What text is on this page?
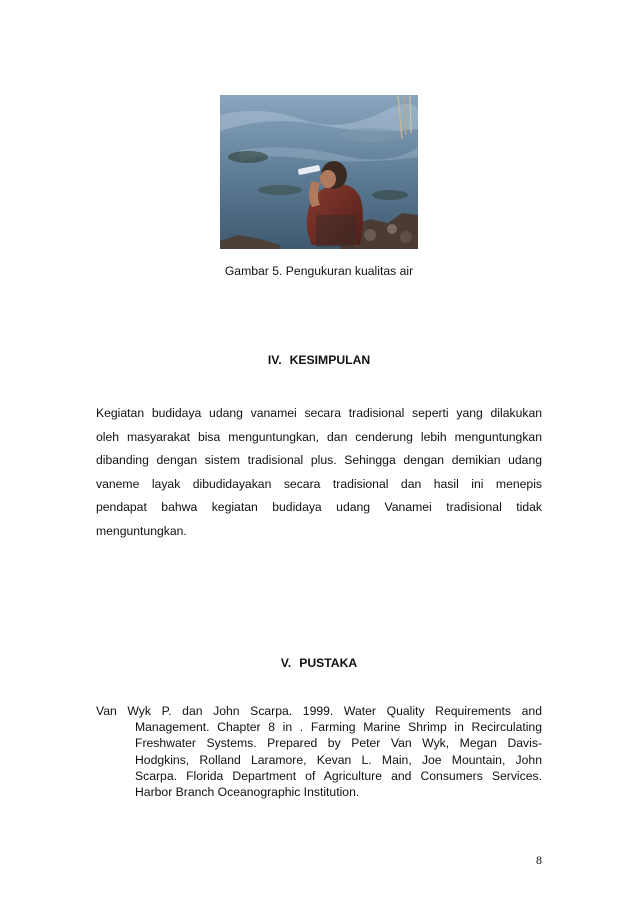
Gambar 5. Pengukuran kualitas air
IV. KESIMPULAN
Kegiatan budidaya udang vanamei secara tradisional seperti yang dilakukan
oleh masyarakat bisa menguntungkan, dan cenderung lebih menguntungkan
dibanding dengan sistem tradisional plus. Sehingga dengan demikian udang
vaneme layak dibudidayakan secara tradisional dan hasil ini menepis
pendapat bahwa kegiatan budidaya udang Vanamei tradisional tidak
menguntungkan.
V. PUSTAKA
Van Wyk P. dan John Scarpa. 1999. Water Quality Requirements and
Management. Chapter 8 in . Farming Marine Shrimp in Recirculating
Freshwater Systems. Prepared by Peter Van Wyk, Megan Davis-
Hodgkins, Rolland Laramore, Kevan L. Main, Joe Mountain, John
Scarpa. Florida Department of Agriculture and Consumers Services.
Harbor Branch Oceanographic Institution.
8
